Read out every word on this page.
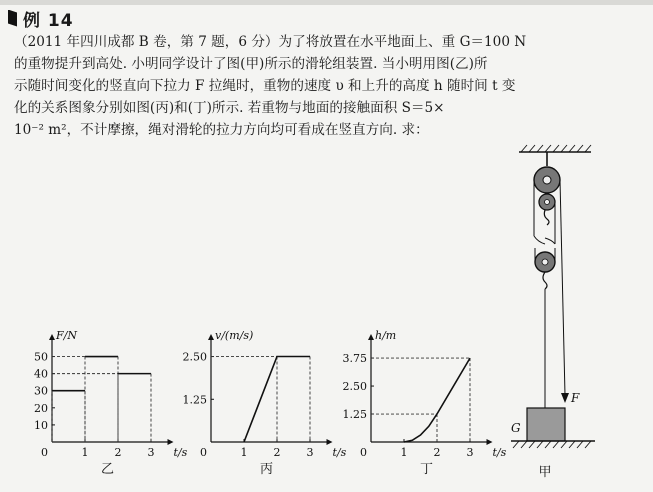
例 14
（2011 年四川成都 B 卷，第 7 题，6 分）为了将放置在水平地面上、重 G＝100 N
的重物提升到高处. 小明同学设计了图(甲)所示的滑轮组装置. 当小明用图(乙)所
示随时间变化的竖直向下拉力 F 拉绳时，重物的速度 υ 和上升的高度 h 随时间 t 变
化的关系图象分别如图(丙)和(丁)所示. 若重物与地面的接触面积 S＝5×
10⁻² m²，不计摩擦，绳对滑轮的拉力方向均可看成在竖直方向. 求：
F/N
t/s
0	1 2 3
10
20
30
40
50
乙
v/(m/s)
t/s
0	1 2 3
1.25
2.50
丙
h/m
t/s
0	1 2 3
1.25
2.50
3.75
丁
F
G
甲
